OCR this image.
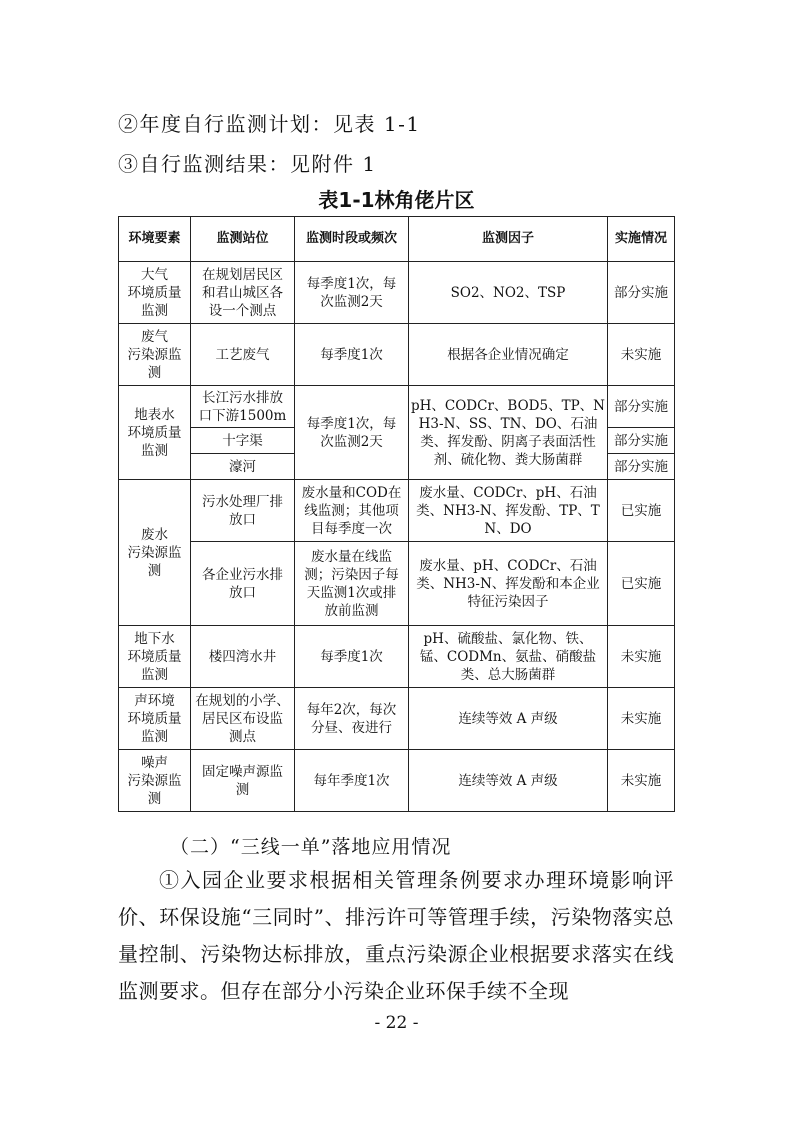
②年度自行监测计划：见表 1-1
③自行监测结果：见附件 1
表1-1林角佬片区
环境要素	监测站位	监测时段或频次	监测因子	实施情况
大气
环境质量
监测	在规划居民区
和君山城区各
设一个测点	每季度1次，每
次监测2天	SO2、NO2、TSP	部分实施
废气
污染源监
测	工艺废气	每季度1次	根据各企业情况确定	未实施
地表水
环境质量
监测	长江污水排放
口下游1500m	每季度1次，每
次监测2天	pH、CODCr、BOD5、TP、NH3-N、SS、TN、DO、石油类、挥发酚、阴离子表面活性剂、硫化物、粪大肠菌群	部分实施
	十字渠			部分实施
	濠河			部分实施
废水
污染源监
测	污水处理厂排
放口	废水量和COD在
线监测；其他项
目每季度一次	废水量、CODCr、pH、石油类、NH3-N、挥发酚、TP、TN、DO	已实施
	各企业污水排
放口	废水量在线监
测；污染因子每
天监测1次或排
放前监测	废水量、pH、CODCr、石油类、NH3-N、挥发酚和本企业特征污染因子	已实施
地下水
环境质量
监测	楼四湾水井	每季度1次	pH、硫酸盐、氯化物、铁、锰、CODMn、氨盐、硝酸盐类、总大肠菌群	未实施
声环境
环境质量
监测	在规划的小学、
居民区布设监
测点	每年2次，每次
分昼、夜进行	连续等效 A 声级	未实施
噪声
污染源监
测	固定噪声源监
测	每年季度1次	连续等效 A 声级	未实施
（二）“三线一单”落地应用情况
①入园企业要求根据相关管理条例要求办理环境影响评价、环保设施“三同时”、排污许可等管理手续，污染物落实总量控制、污染物达标排放，重点污染源企业根据要求落实在线监测要求。但存在部分小污染企业环保手续不全现
- 22 -
